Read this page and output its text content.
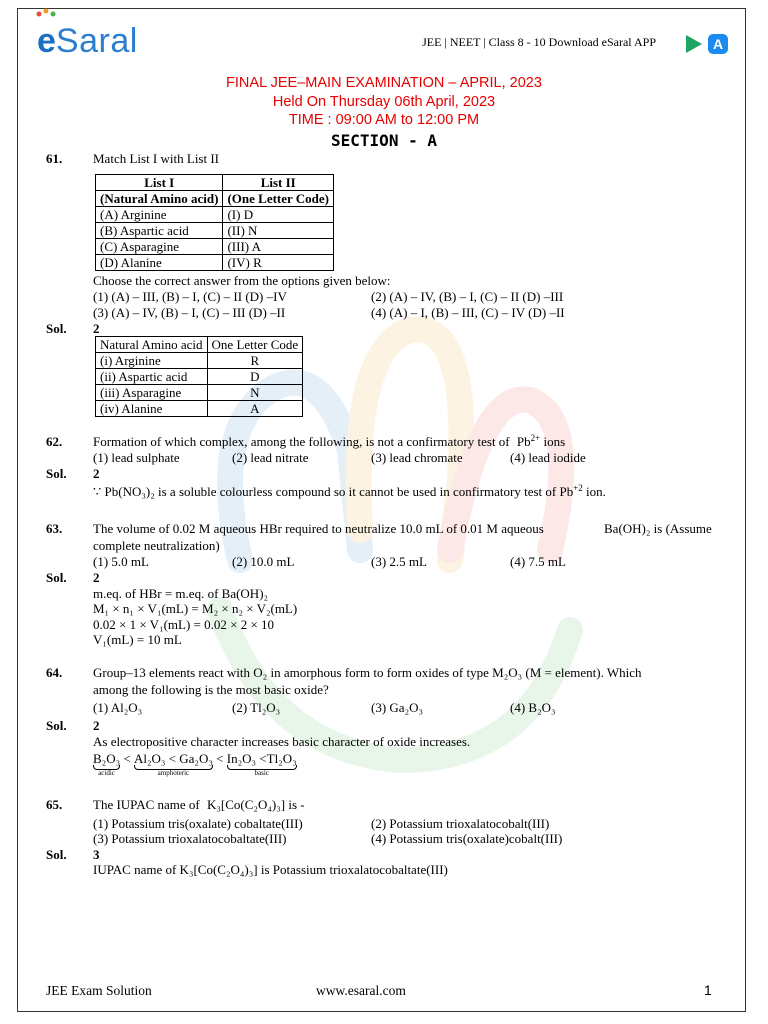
e Saral	JEE | NEET | Class 8 - 10 Download eSaral APP	A
FINAL JEE–MAIN EXAMINATION – APRIL, 2023
Held On Thursday 06th April, 2023
TIME : 09:00 AM to 12:00 PM
SECTION - A
61. Match List I with List II
List I	List II
(Natural Amino acid)	(One Letter Code)
(A) Arginine	(I) D
(B) Aspartic acid	(II) N
(C) Asparagine	(III) A
(D) Alanine	(IV) R
Choose the correct answer from the options given below:
(1) (A) – III, (B) – I, (C) – II (D) –IV	(2) (A) – IV, (B) – I, (C) – II (D) –III
(3) (A) – IV, (B) – I, (C) – III (D) –II	(4) (A) – I, (B) – III, (C) – IV (D) –II
Sol. 2
Natural Amino acid	One Letter Code
(i) Arginine	R
(ii) Aspartic acid	D
(iii) Asparagine	N
(iv) Alanine	A
62. Formation of which complex, among the following, is not a confirmatory test of $Pb^{2+}$ ions
(1) lead sulphate	(2) lead nitrate	(3) lead chromate	(4) lead iodide
Sol. 2
∵ Pb(NO₃)₂ is a soluble colourless compound so it cannot be used in confirmatory test of $Pb^{+2}$ ion.
63. The volume of 0.02 M aqueous HBr required to neutralize 10.0 mL of 0.01 M aqueous	Ba(OH)₂ is (Assume
complete neutralization)
(1) 5.0 mL	(2) 10.0 mL	(3) 2.5 mL	(4) 7.5 mL
Sol. 2
m.eq. of HBr = m.eq. of Ba(OH)₂
M₁ × n₁ × V₁(mL) = M₂ × n₂ × V₂(mL)
0.02 × 1 × V₁(mL) = 0.02 × 2 × 10
V₁(mL) = 10 mL
64. Group–13 elements react with O₂ in amorphous form to form oxides of type M₂O₃ (M = element). Which
among the following is the most basic oxide?
(1) Al₂O₃	(2) Tl₂O₃	(3) Ga₂O₃	(4) B₂O₃
Sol. 2
As electropositive character increases basic character of oxide increases.
B₂O₃
acidic
< Al₂O₃ < Ga₂O₃
amphoteric
< In₂O₃ <Tl₂O₃
basic
65. The IUPAC name of K₃[Co(C₂O₄)₃] is -
(1) Potassium tris(oxalate) cobaltate(III)	(2) Potassium trioxalatocobalt(III)
(3) Potassium trioxalatocobaltate(III)	(4) Potassium tris(oxalate)cobalt(III)
Sol. 3
IUPAC name of K₃[Co(C₂O₄)₃] is Potassium trioxalatocobaltate(III)
JEE Exam Solution	www.esaral.com	1
